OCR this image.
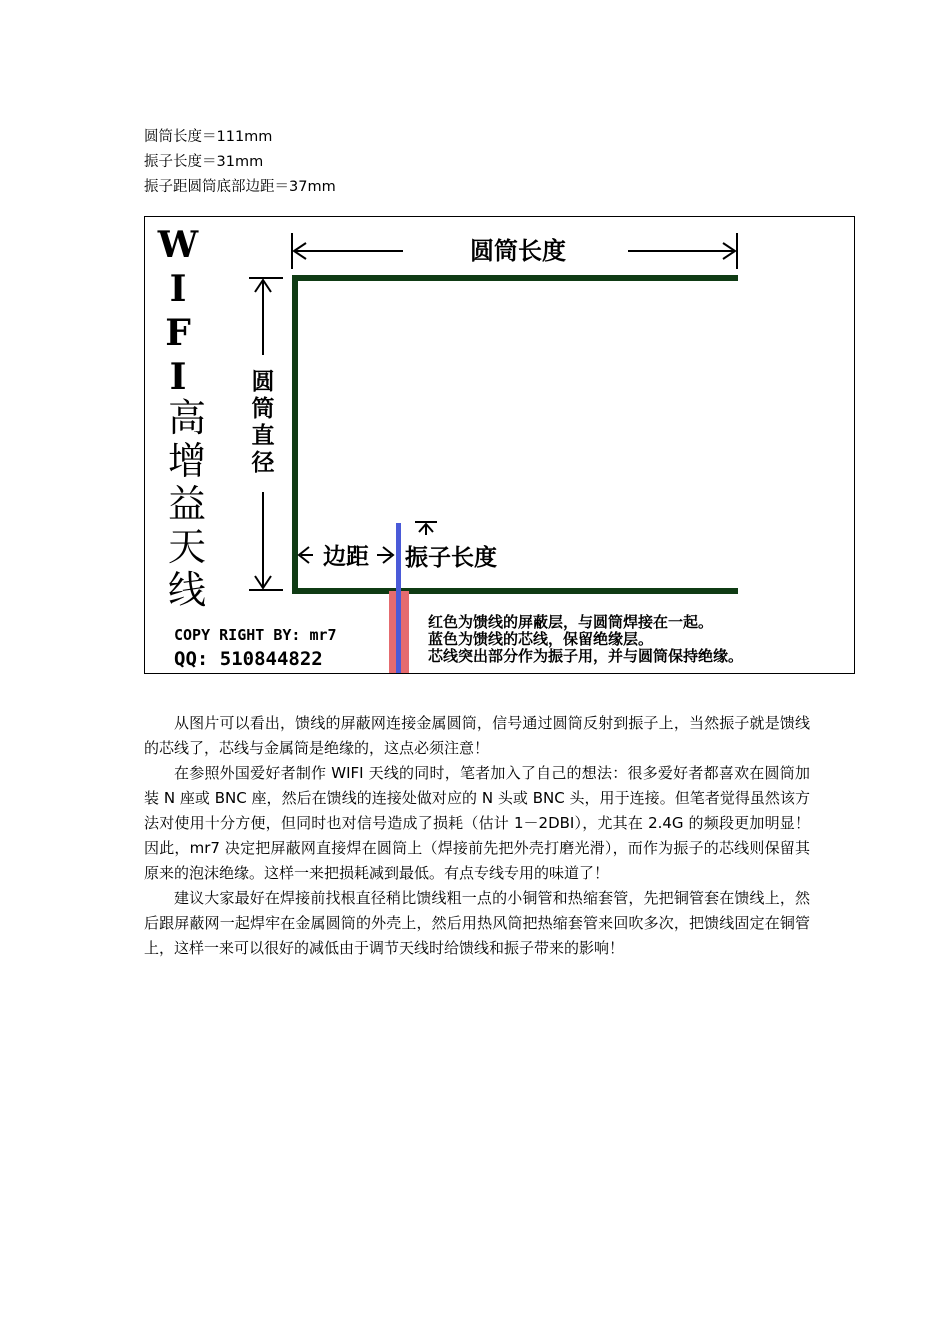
圆筒长度＝111mm
振子长度＝31mm
振子距圆筒底部边距＝37mm
W
I
F
I
高
增
益
天
线
圆筒长度
圆
筒
直
径
边距 振子长度
COPY RIGHT BY: mr7
QQ: 510844822
红色为馈线的屏蔽层，与圆筒焊接在一起。
蓝色为馈线的芯线，保留绝缘层。
芯线突出部分作为振子用，并与圆筒保持绝缘。

从图片可以看出，馈线的屏蔽网连接金属圆筒，信号通过圆筒反射到振子上，当然振子就是馈线的芯线了，芯线与金属筒是绝缘的，这点必须注意！

在参照外国爱好者制作 WIFI 天线的同时，笔者加入了自己的想法：很多爱好者都喜欢在圆筒加装 N 座或 BNC 座，然后在馈线的连接处做对应的 N 头或 BNC 头，用于连接。但笔者觉得虽然该方法对使用十分方便，但同时也对信号造成了损耗（估计 1－2DBI），尤其在 2.4G 的频段更加明显！因此，mr7 决定把屏蔽网直接焊在圆筒上（焊接前先把外壳打磨光滑），而作为振子的芯线则保留其原来的泡沫绝缘。这样一来把损耗减到最低。有点专线专用的味道了！

建议大家最好在焊接前找根直径稍比馈线粗一点的小铜管和热缩套管，先把铜管套在馈线上，然后跟屏蔽网一起焊牢在金属圆筒的外壳上，然后用热风筒把热缩套管来回吹多次，把馈线固定在铜管上，这样一来可以很好的减低由于调节天线时给馈线和振子带来的影响！
